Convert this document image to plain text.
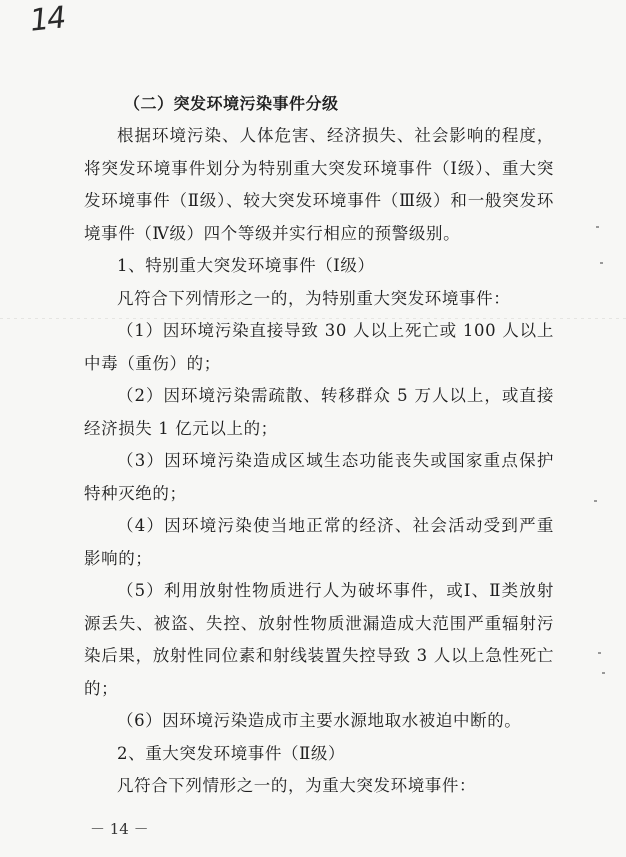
14

（二）突发环境污染事件分级

根据环境污染、人体危害、经济损失、社会影响的程度，将突发环境事件划分为特别重大突发环境事件（Ⅰ级）、重大突发环境事件（Ⅱ级）、较大突发环境事件（Ⅲ级）和一般突发环境事件（Ⅳ级）四个等级并实行相应的预警级别。

1、特别重大突发环境事件（Ⅰ级）

凡符合下列情形之一的，为特别重大突发环境事件：

（1）因环境污染直接导致 30 人以上死亡或 100 人以上中毒（重伤）的；

（2）因环境污染需疏散、转移群众 5 万人以上，或直接经济损失 1 亿元以上的；

（3）因环境污染造成区域生态功能丧失或国家重点保护特种灭绝的；

（4）因环境污染使当地正常的经济、社会活动受到严重影响的；

（5）利用放射性物质进行人为破坏事件，或Ⅰ、Ⅱ类放射源丢失、被盗、失控、放射性物质泄漏造成大范围严重辐射污染后果，放射性同位素和射线装置失控导致 3 人以上急性死亡的；

（6）因环境污染造成市主要水源地取水被迫中断的。

2、重大突发环境事件（Ⅱ级）

凡符合下列情形之一的，为重大突发环境事件：

－ 14 －
